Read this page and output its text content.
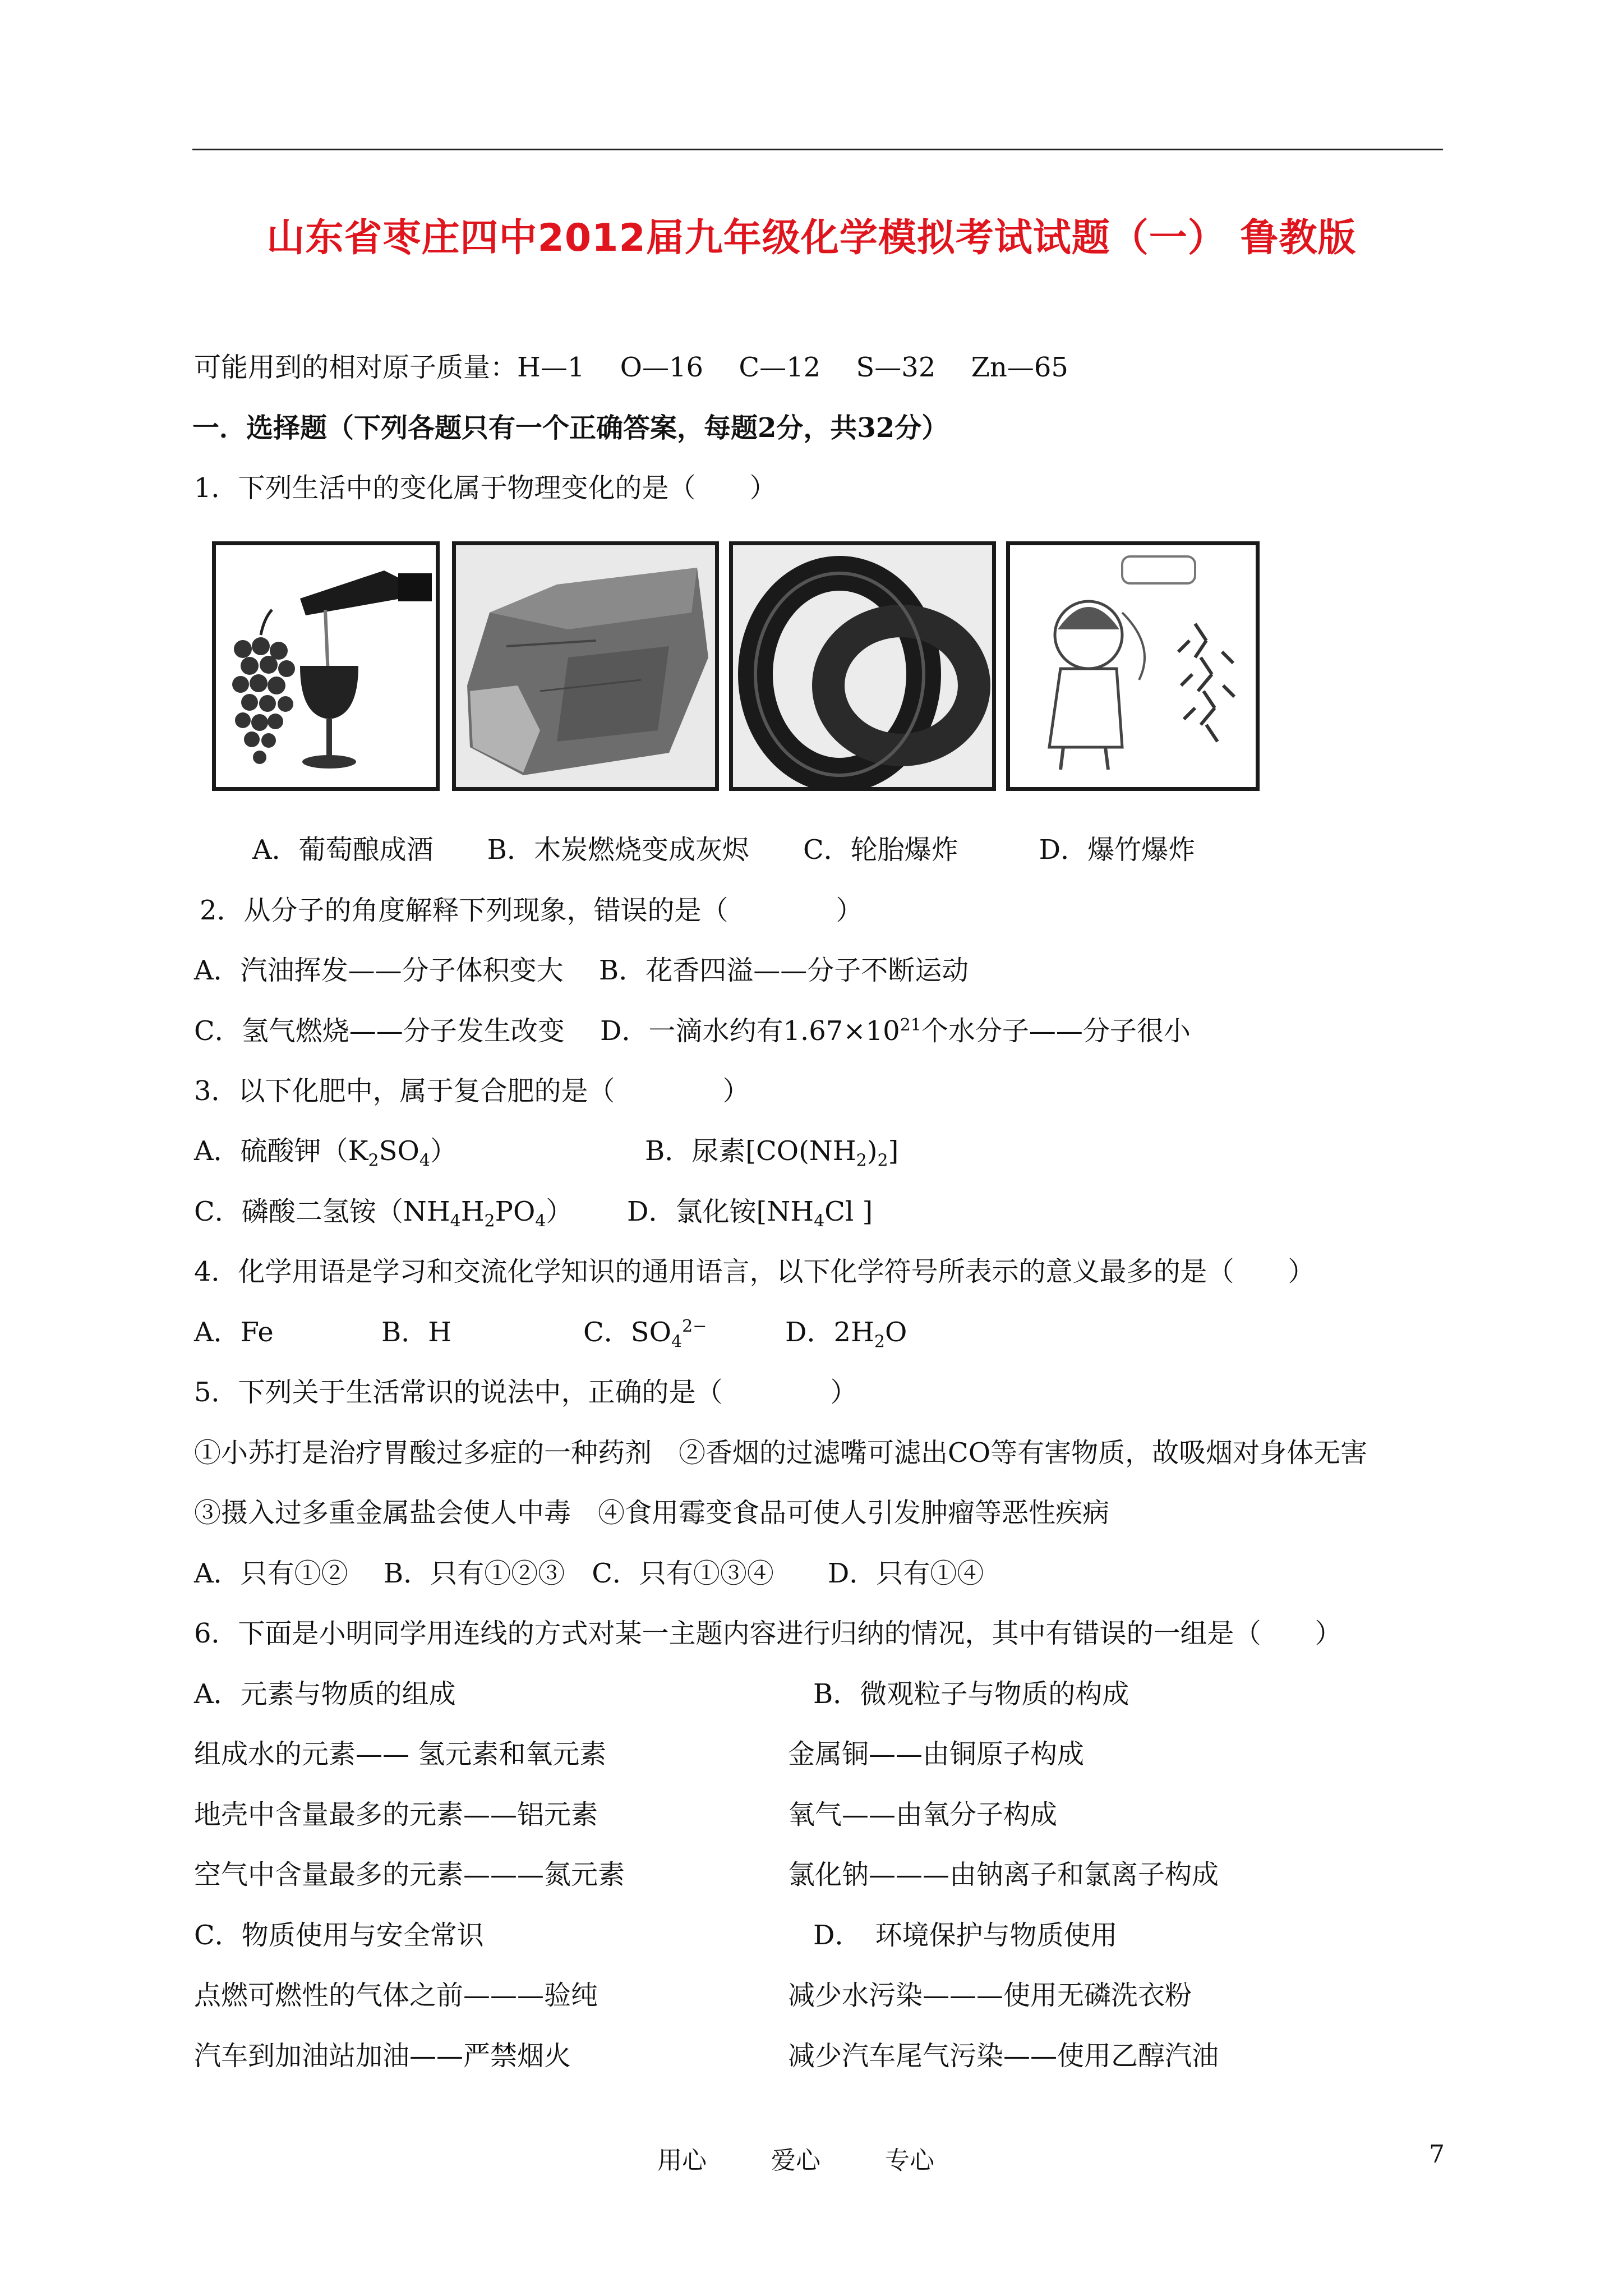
山东省枣庄四中2012届九年级化学模拟考试试题（一） 鲁教版
可能用到的相对原子质量：H—1　 O—16　 C—12　 S—32　 Zn—65
一．选择题（下列各题只有一个正确答案，每题2分，共32分）
1．下列生活中的变化属于物理变化的是（　　）
A．葡萄酿成酒　　B．木炭燃烧变成灰烬　　C．轮胎爆炸　　　D．爆竹爆炸
2．从分子的角度解释下列现象，错误的是（　　　　）
A．汽油挥发——分子体积变大　 B．花香四溢——分子不断运动
C．氢气燃烧——分子发生改变　 D．一滴水约有$1.67\times 10^{21}$个水分子——分子很小
3．以下化肥中，属于复合肥的是（　　　　）
A．硫酸钾$(K_2SO_4)$	B．尿素$[CO(NH_2)_2]$
C．磷酸二氢铵$(NH_4H_2PO_4)$ D．氯化铵[$NH_4Cl$ ]
4．化学用语是学习和交流化学知识的通用语言，以下化学符号所表示的意义最多的是（　　）
A．Fe	B．H	C．$SO_4^{2-}$	D．$2H_2O$
5．下列关于生活常识的说法中，正确的是（　　　　）
①小苏打是治疗胃酸过多症的一种药剂　②香烟的过滤嘴可滤出CO等有害物质，故吸烟对身体无害
③摄入过多重金属盐会使人中毒　④食用霉变食品可使人引发肿瘤等恶性疾病
A．只有①②　 B．只有①②③　C．只有①③④　　D．只有①④
6．下面是小明同学用连线的方式对某一主题内容进行归纳的情况，其中有错误的一组是（　　）
A．元素与物质的组成	B．微观粒子与物质的构成
组成水的元素—— 氢元素和氧元素	金属铜——由铜原子构成
地壳中含量最多的元素——铝元素	氧气——由氧分子构成
空气中含量最多的元素———氮元素	氯化钠———由钠离子和氯离子构成
C．物质使用与安全常识	D．　环境保护与物质使用
点燃可燃性的气体之前———验纯	减少水污染———使用无磷洗衣粉
汽车到加油站加油——严禁烟火	减少汽车尾气污染——使用乙醇汽油
用心	爱心	专心	7
